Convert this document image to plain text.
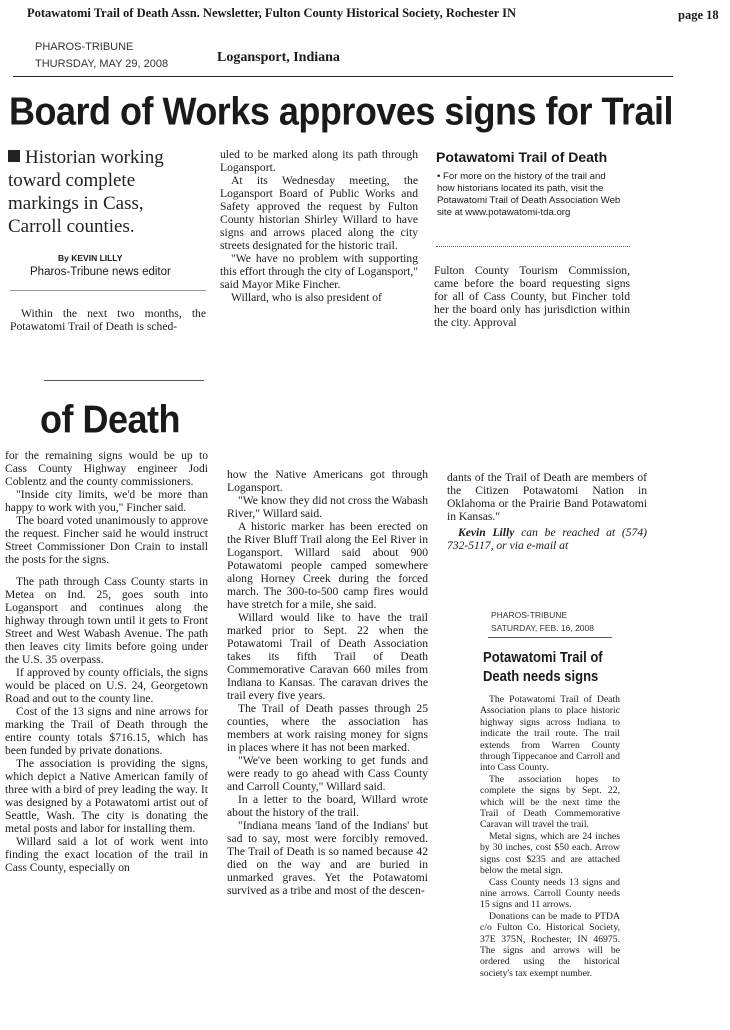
Potawatomi Trail of Death Assn. Newsletter, Fulton County Historical Society, Rochester IN	page 18
PHAROS-TRIBUNE
THURSDAY, MAY 29, 2008	Logansport, Indiana
Board of Works approves signs for Trail
Historian working toward complete markings in Cass, Carroll counties.
By KEVIN LILLY
Pharos-Tribune news editor

Within the next two months, the Potawatomi Trail of Death is sched-

uled to be marked along its path through Logansport.

At its Wednesday meeting, the Logansport Board of Public Works and Safety approved the request by Fulton County historian Shirley Willard to have signs and arrows placed along the city streets designated for the historic trail.

"We have no problem with supporting this effort through the city of Logansport," said Mayor Mike Fincher.

Willard, who is also president of

Potawatomi Trail of Death
• For more on the history of the trail and how historians located its path, visit the Potawatomi Trail of Death Association Web site at www.potawatomi-tda.org

Fulton County Tourism Commission, came before the board requesting signs for all of Cass County, but Fincher told her the board only has jurisdiction within the city. Approval

of Death

for the remaining signs would be up to Cass County Highway engineer Jodi Coblentz and the county commissioners.

"Inside city limits, we'd be more than happy to work with you," Fincher said.

The board voted unanimously to approve the request. Fincher said he would instruct Street Commissioner Don Crain to install the posts for the signs.

The path through Cass County starts in Metea on Ind. 25, goes south into Logansport and continues along the highway through town until it gets to Front Street and West Wabash Avenue. The path then leaves city limits before going under the U.S. 35 overpass.

If approved by county officials, the signs would be placed on U.S. 24, Georgetown Road and out to the county line.

Cost of the 13 signs and nine arrows for marking the Trail of Death through the entire county totals $716.15, which has been funded by private donations.

The association is providing the signs, which depict a Native American family of three with a bird of prey leading the way. It was designed by a Potawatomi artist out of Seattle, Wash. The city is donating the metal posts and labor for installing them.

Willard said a lot of work went into finding the exact location of the trail in Cass County, especially on

how the Native Americans got through Logansport.

"We know they did not cross the Wabash River," Willard said.

A historic marker has been erected on the River Bluff Trail along the Eel River in Logansport. Willard said about 900 Potawatomi people camped somewhere along Horney Creek during the forced march. The 300-to-500 camp fires would have stretch for a mile, she said.

Willard would like to have the trail marked prior to Sept. 22 when the Potawatomi Trail of Death Association takes its fifth Trail of Death Commemorative Caravan 660 miles from Indiana to Kansas. The caravan drives the trail every five years.

The Trail of Death passes through 25 counties, where the association has members at work raising money for signs in places where it has not been marked.

"We've been working to get funds and were ready to go ahead with Cass County and Carroll County," Willard said.

In a letter to the board, Willard wrote about the history of the trail.

"Indiana means 'land of the Indians' but sad to say, most were forcibly removed. The Trail of Death is so named because 42 died on the way and are buried in unmarked graves. Yet the Potawatomi survived as a tribe and most of the descen-

dants of the Trail of Death are members of the Citizen Potawatomi Nation in Oklahoma or the Prairie Band Potawatomi in Kansas."

Kevin Lilly can be reached at (574) 732-5117, or via e-mail at

PHAROS-TRIBUNE
SATURDAY, FEB. 16, 2008
Potawatomi Trail of Death needs signs

The Potawatomi Trail of Death Association plans to place historic highway signs across Indiana to indicate the trail route. The trail extends from Warren County through Tippecanoe and Carroll and into Cass County.

The association hopes to complete the signs by Sept. 22, which will be the next time the Trail of Death Commemorative Caravan will travel the trail.

Metal signs, which are 24 inches by 30 inches, cost $50 each. Arrow signs cost $235 and are attached below the metal sign.

Cass County needs 13 signs and nine arrows. Carroll County needs 15 signs and 11 arrows.

Donations can be made to PTDA c/o Fulton Co. Historical Society, 37E 375N, Rochester, IN 46975. The signs and arrows will be ordered using the historical society's tax exempt number.
